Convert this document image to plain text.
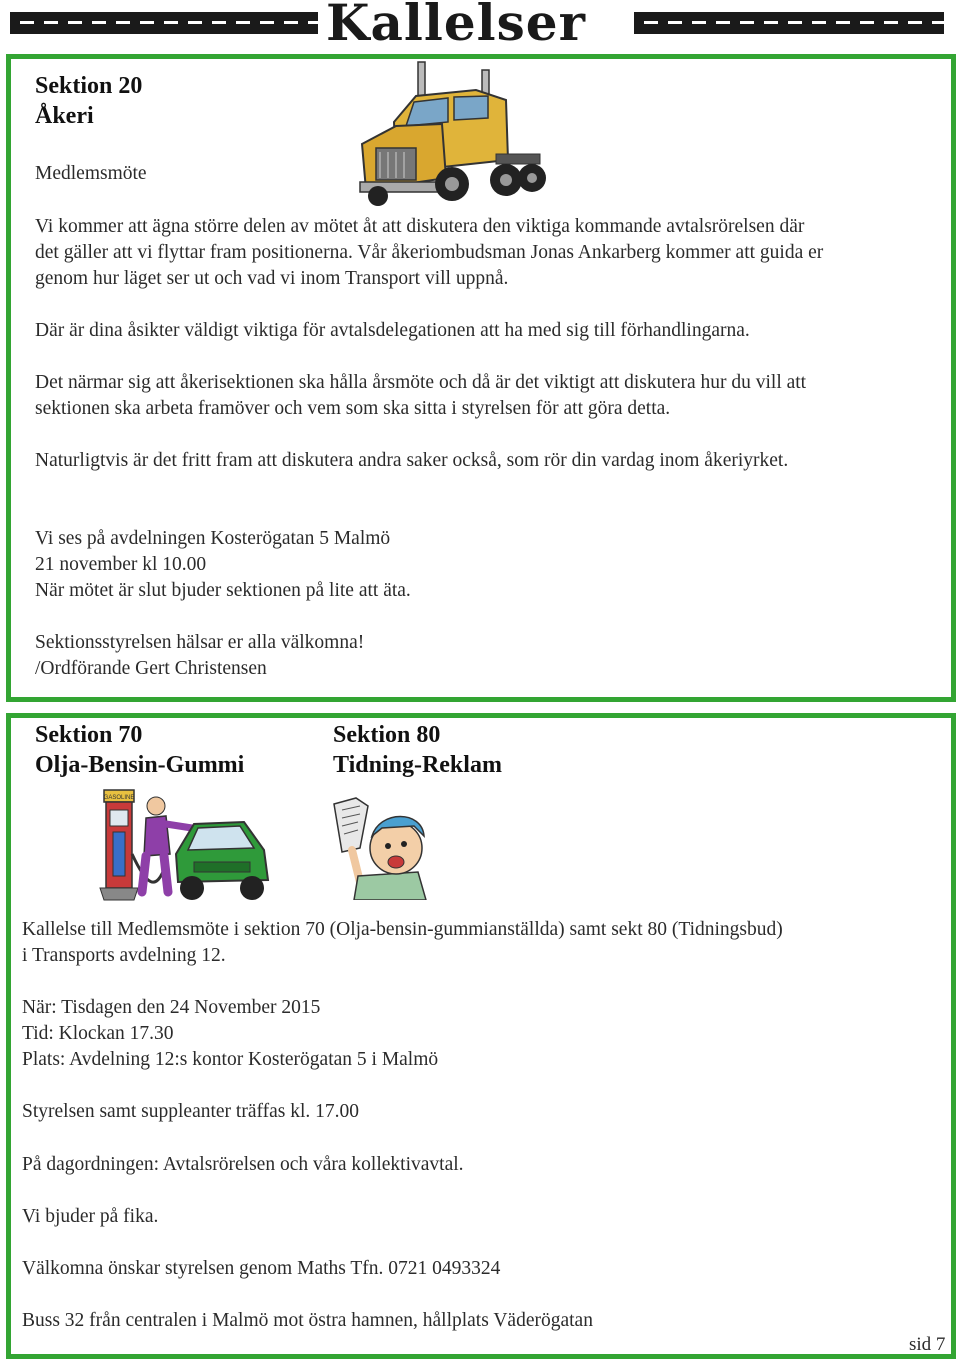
Kallelser
Sektion 20
Åkeri
Medlemsmöte
Vi kommer att ägna större delen av mötet åt att diskutera den viktiga kommande avtalsrörelsen där
det gäller att vi flyttar fram positionerna. Vår åkeriombudsman Jonas Ankarberg kommer att guida er
genom hur läget ser ut och vad vi inom Transport vill uppnå.
Där är dina åsikter väldigt viktiga för avtalsdelegationen att ha med sig till förhandlingarna.
Det närmar sig att åkerisektionen ska hålla årsmöte och då är det viktigt att diskutera hur du vill att
sektionen ska arbeta framöver och vem som ska sitta i styrelsen för att göra detta.
Naturligtvis är det fritt fram att diskutera andra saker också, som rör din vardag inom åkeriyrket.
Vi ses på avdelningen Kosterögatan 5 Malmö
21 november kl 10.00
När mötet är slut bjuder sektionen på lite att äta.
Sektionsstyrelsen hälsar er alla välkomna!
/Ordförande Gert Christensen
Sektion 70
Olja-Bensin-Gummi
Sektion 80
Tidning-Reklam
GASOLINE
Kallelse till Medlemsmöte i sektion 70 (Olja-bensin-gummianställda) samt sekt 80 (Tidningsbud)
i Transports avdelning 12.
När: Tisdagen den 24 November 2015
Tid: Klockan 17.30
Plats: Avdelning 12:s kontor Kosterögatan 5 i Malmö
Styrelsen samt suppleanter träffas kl. 17.00
På dagordningen: Avtalsrörelsen och våra kollektivavtal.
Vi bjuder på fika.
Välkomna önskar styrelsen genom Maths Tfn. 0721 0493324
Buss 32 från centralen i Malmö mot östra hamnen, hållplats Väderögatan
sid 7
